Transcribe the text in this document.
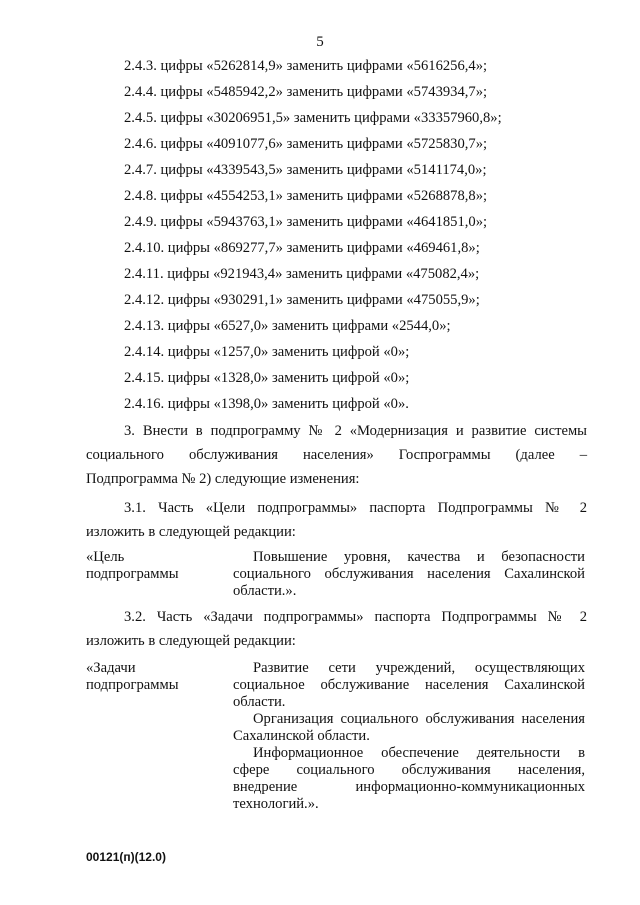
5
2.4.3. цифры «5262814,9» заменить цифрами «5616256,4»;
2.4.4. цифры «5485942,2» заменить цифрами «5743934,7»;
2.4.5. цифры «30206951,5» заменить цифрами «33357960,8»;
2.4.6. цифры «4091077,6» заменить цифрами «5725830,7»;
2.4.7. цифры «4339543,5» заменить цифрами «5141174,0»;
2.4.8. цифры «4554253,1» заменить цифрами «5268878,8»;
2.4.9. цифры «5943763,1» заменить цифрами «4641851,0»;
2.4.10. цифры «869277,7» заменить цифрами «469461,8»;
2.4.11. цифры «921943,4» заменить цифрами «475082,4»;
2.4.12. цифры «930291,1» заменить цифрами «475055,9»;
2.4.13. цифры «6527,0» заменить цифрами «2544,0»;
2.4.14. цифры «1257,0» заменить цифрой «0»;
2.4.15. цифры «1328,0» заменить цифрой «0»;
2.4.16. цифры «1398,0» заменить цифрой «0».
3. Внести в подпрограмму № 2 «Модернизация и развитие системы
социального обслуживания населения» Госпрограммы (далее –
Подпрограмма № 2) следующие изменения:
3.1. Часть «Цели подпрограммы» паспорта Подпрограммы № 2
изложить в следующей редакции:
«Цель
подпрограммы
Повышение уровня, качества и безопасности
социального обслуживания населения Сахалинской
области.».
3.2. Часть «Задачи подпрограммы» паспорта Подпрограммы № 2
изложить в следующей редакции:
«Задачи
подпрограммы
Развитие сети учреждений, осуществляющих
социальное обслуживание населения Сахалинской
области.
Организация социального обслуживания населения
Сахалинской области.
Информационное обеспечение деятельности в
сфере социального обслуживания населения,
внедрение информационно-коммуникационных
технологий.».
00121(п)(12.0)
